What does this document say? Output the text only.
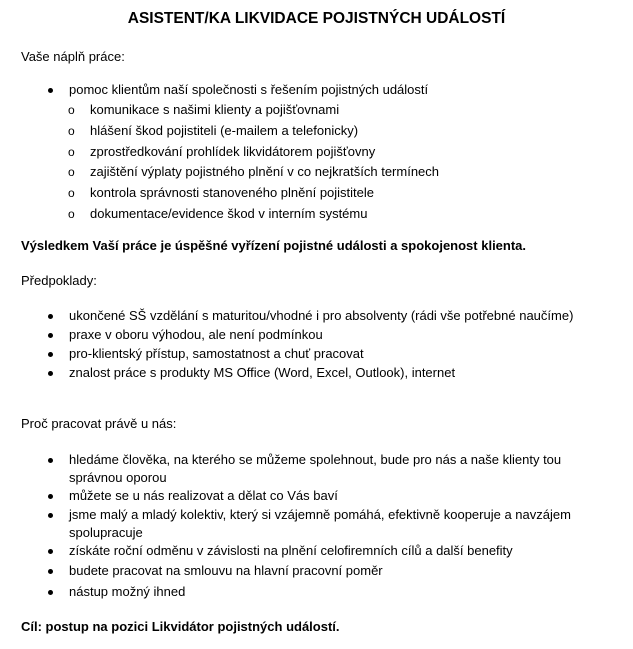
ASISTENT/KA LIKVIDACE POJISTNÝCH UDÁLOSTÍ
Vaše náplň práce:
pomoc klientům naší společnosti s řešením pojistných událostí
o komunikace s našimi klienty a pojišťovnami
o hlášení škod pojistiteli (e-mailem a telefonicky)
o zprostředkování prohlídek likvidátorem pojišťovny
o zajištění výplaty pojistného plnění v co nejkratších termínech
o kontrola správnosti stanoveného plnění pojistitele
o dokumentace/evidence škod v interním systému
Výsledkem Vaší práce je úspěšné vyřízení pojistné události a spokojenost klienta.
Předpoklady:
ukončené SŠ vzdělání s maturitou/vhodné i pro absolventy (rádi vše potřebné naučíme)
praxe v oboru výhodou, ale není podmínkou
pro-klientský přístup, samostatnost a chuť pracovat
znalost práce s produkty MS Office (Word, Excel, Outlook), internet
Proč pracovat právě u nás:
hledáme člověka, na kterého se můžeme spolehnout, bude pro nás a naše klienty tou
správnou oporou
můžete se u nás realizovat a dělat co Vás baví
jsme malý a mladý kolektiv, který si vzájemně pomáhá, efektivně kooperuje a navzájem
spolupracuje
získáte roční odměnu v závislosti na plnění celofiremních cílů a další benefity
budete pracovat na smlouvu na hlavní pracovní poměr
nástup možný ihned
Cíl: postup na pozici Likvidátor pojistných událostí.
